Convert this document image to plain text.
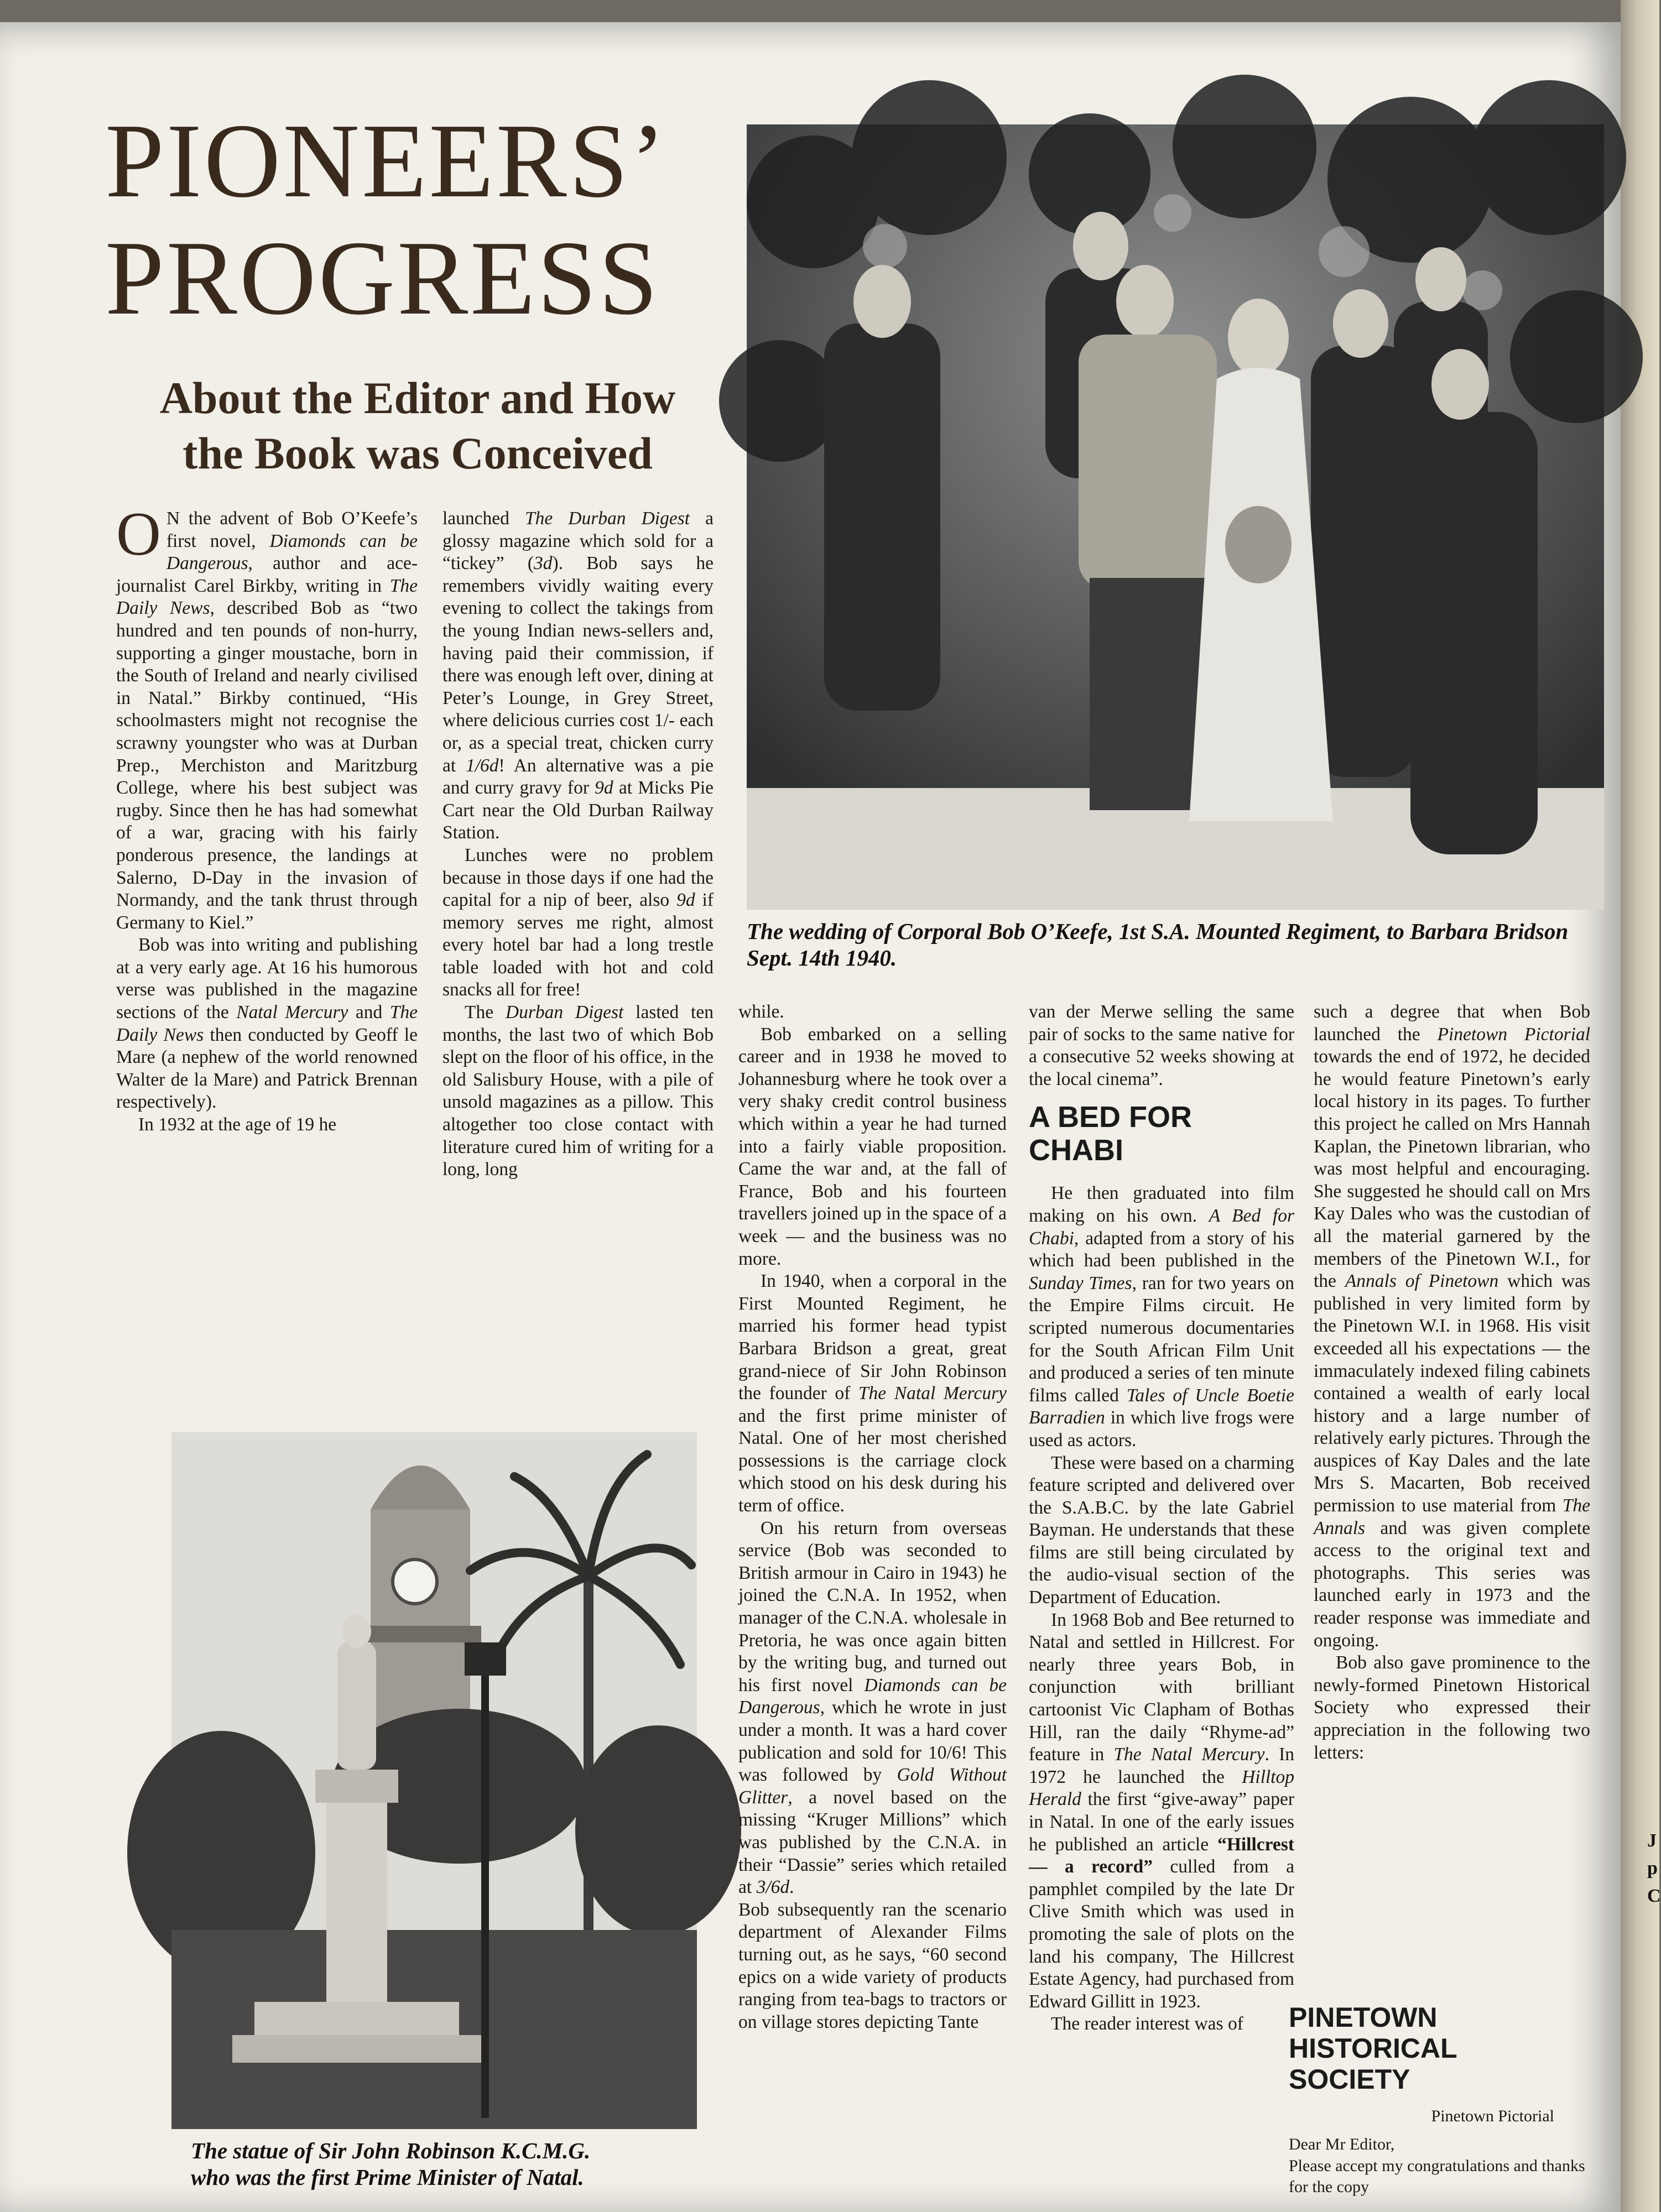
J
p
C
PIONEERS’
PROGRESS
About the Editor and How
the Book was Conceived
The wedding of Corporal Bob O’Keefe, 1st S.A. Mounted Regiment, to Barbara Bridson Sept. 14th 1940.
The statue of Sir John Robinson K.C.M.G.
who was the first Prime Minister of Natal.

O N the advent of Bob O’Keefe’s first novel, Diamonds can be Dangerous, author and ace-journalist Carel Birkby, writing in The Daily News, described Bob as “two hundred and ten pounds of non-hurry, supporting a ginger moustache, born in the South of Ireland and nearly civilised in Natal.” Birkby continued, “His schoolmasters might not recognise the scrawny youngster who was at Durban Prep., Merchiston and Maritzburg College, where his best subject was rugby. Since then he has had somewhat of a war, gracing with his fairly ponderous presence, the landings at Salerno, D-Day in the invasion of Normandy, and the tank thrust through Germany to Kiel.”

Bob was into writing and publishing at a very early age. At 16 his humorous verse was published in the magazine sections of the Natal Mercury and The Daily News then conducted by Geoff le Mare (a nephew of the world renowned Walter de la Mare) and Patrick Brennan respectively).

In 1932 at the age of 19 he

launched The Durban Digest a glossy magazine which sold for a “tickey” (3d). Bob says he remembers vividly waiting every evening to collect the takings from the young Indian news-sellers and, having paid their commission, if there was enough left over, dining at Peter’s Lounge, in Grey Street, where delicious curries cost 1/- each or, as a special treat, chicken curry at 1/6d! An alternative was a pie and curry gravy for 9d at Micks Pie Cart near the Old Durban Railway Station.

Lunches were no problem because in those days if one had the capital for a nip of beer, also 9d if memory serves me right, almost every hotel bar had a long trestle table loaded with hot and cold snacks all for free!

The Durban Digest lasted ten months, the last two of which Bob slept on the floor of his office, in the old Salisbury House, with a pile of unsold magazines as a pillow. This altogether too close contact with literature cured him of writing for a long, long

while.

Bob embarked on a selling career and in 1938 he moved to Johannesburg where he took over a very shaky credit control business which within a year he had turned into a fairly viable proposition. Came the war and, at the fall of France, Bob and his fourteen travellers joined up in the space of a week — and the business was no more.

In 1940, when a corporal in the First Mounted Regiment, he married his former head typist Barbara Bridson a great, great grand-niece of Sir John Robinson the founder of The Natal Mercury and the first prime minister of Natal. One of her most cherished possessions is the carriage clock which stood on his desk during his term of office.

On his return from overseas service (Bob was seconded to British armour in Cairo in 1943) he joined the C.N.A. In 1952, when manager of the C.N.A. wholesale in Pretoria, he was once again bitten by the writing bug, and turned out his first novel Diamonds can be Dangerous, which he wrote in just under a month. It was a hard cover publication and sold for 10/6! This was followed by Gold Without Glitter, a novel based on the missing “Kruger Millions” which was published by the C.N.A. in their “Dassie” series which retailed at 3/6d.

Bob subsequently ran the scenario department of Alexander Films turning out, as he says, “60 second epics on a wide variety of products ranging from tea-bags to tractors or on village stores depicting Tante

van der Merwe selling the same pair of socks to the same native for a consecutive 52 weeks showing at the local cinema”.

A BED FOR
CHABI

He then graduated into film making on his own. A Bed for Chabi, adapted from a story of his which had been published in the Sunday Times, ran for two years on the Empire Films circuit. He scripted numerous documentaries for the South African Film Unit and produced a series of ten minute films called Tales of Uncle Boetie Barradien in which live frogs were used as actors.

These were based on a charming feature scripted and delivered over the S.A.B.C. by the late Gabriel Bayman. He understands that these films are still being circulated by the audio-visual section of the Department of Education.

In 1968 Bob and Bee returned to Natal and settled in Hillcrest. For nearly three years Bob, in conjunction with brilliant cartoonist Vic Clapham of Bothas Hill, ran the daily “Rhyme-ad” feature in The Natal Mercury. In 1972 he launched the Hilltop Herald the first “give-away” paper in Natal. In one of the early issues he published an article “Hillcrest — a record” culled from a pamphlet compiled by the late Dr Clive Smith which was used in promoting the sale of plots on the land his company, The Hillcrest Estate Agency, had purchased from Edward Gillitt in 1923.

The reader interest was of

such a degree that when Bob launched the Pinetown Pictorial towards the end of 1972, he decided he would feature Pinetown’s early local history in its pages. To further this project he called on Mrs Hannah Kaplan, the Pinetown librarian, who was most helpful and encouraging. She suggested he should call on Mrs Kay Dales who was the custodian of all the material garnered by the members of the Pinetown W.I., for the Annals of Pinetown which was published in very limited form by the Pinetown W.I. in 1968. His visit exceeded all his expectations — the immaculately indexed filing cabinets contained a wealth of early local history and a large number of relatively early pictures. Through the auspices of Kay Dales and the late Mrs S. Macarten, Bob received permission to use material from The Annals and was given complete access to the original text and photographs. This series was launched early in 1973 and the reader response was immediate and ongoing.

Bob also gave prominence to the newly-formed Pinetown Historical Society who expressed their appreciation in the following two letters:

PINETOWN
HISTORICAL
SOCIETY
Pinetown Pictorial
Dear Mr Editor,
Please accept my congratulations and thanks for the copy
